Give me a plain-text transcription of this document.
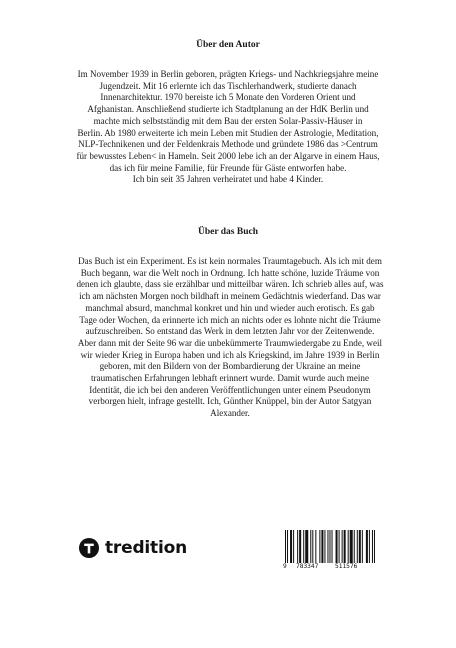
Über den Autor
Im November 1939 in Berlin geboren, prägten Kriegs- und Nachkriegsjahre meine
Jugendzeit. Mit 16 erlernte ich das Tischlerhandwerk, studierte danach
Innenarchitektur. 1970 bereiste ich 5 Monate den Vorderen Orient und
Afghanistan. Anschließend studierte ich Stadtplanung an der HdK Berlin und
machte mich selbstständig mit dem Bau der ersten Solar-Passiv-Häuser in
Berlin. Ab 1980 erweiterte ich mein Leben mit Studien der Astrologie, Meditation,
NLP-Technikenen und der Feldenkrais Methode und gründete 1986 das >Centrum
für bewusstes Leben< in Hameln. Seit 2000 lebe ich an der Algarve in einem Haus,
das ich für meine Familie, für Freunde für Gäste entworfen habe.
Ich bin seit 35 Jahren verheiratet und habe 4 Kinder.
Über das Buch
Das Buch ist ein Experiment. Es ist kein normales Traumtagebuch. Als ich mit dem
Buch begann, war die Welt noch in Ordnung. Ich hatte schöne, luzide Träume von
denen ich glaubte, dass sie erzählbar und mitteilbar wären. Ich schrieb alles auf, was
ich am nächsten Morgen noch bildhaft in meinem Gedächtnis wiederfand. Das war
manchmal absurd, manchmal konkret und hin und wieder auch erotisch. Es gab
Tage oder Wochen, da erinnerte ich mich an nichts oder es lohnte nicht die Träume
aufzuschreiben. So entstand das Werk in dem letzten Jahr vor der Zeitenwende.
Aber dann mit der Seite 96 war die unbekümmerte Traumwiedergabe zu Ende, weil
wir wieder Krieg in Europa haben und ich als Kriegskind, im Jahre 1939 in Berlin
geboren, mit den Bildern von der Bombardierung der Ukraine an meine
traumatischen Erfahrungen lebhaft erinnert wurde. Damit wurde auch meine
Identität, die ich bei den anderen Veröffentlichungen unter einem Pseudonym
verborgen hielt, infrage gestellt. Ich, Günther Knüppel, bin der Autor Satgyan
Alexander.
tredition
9 783347	511576
